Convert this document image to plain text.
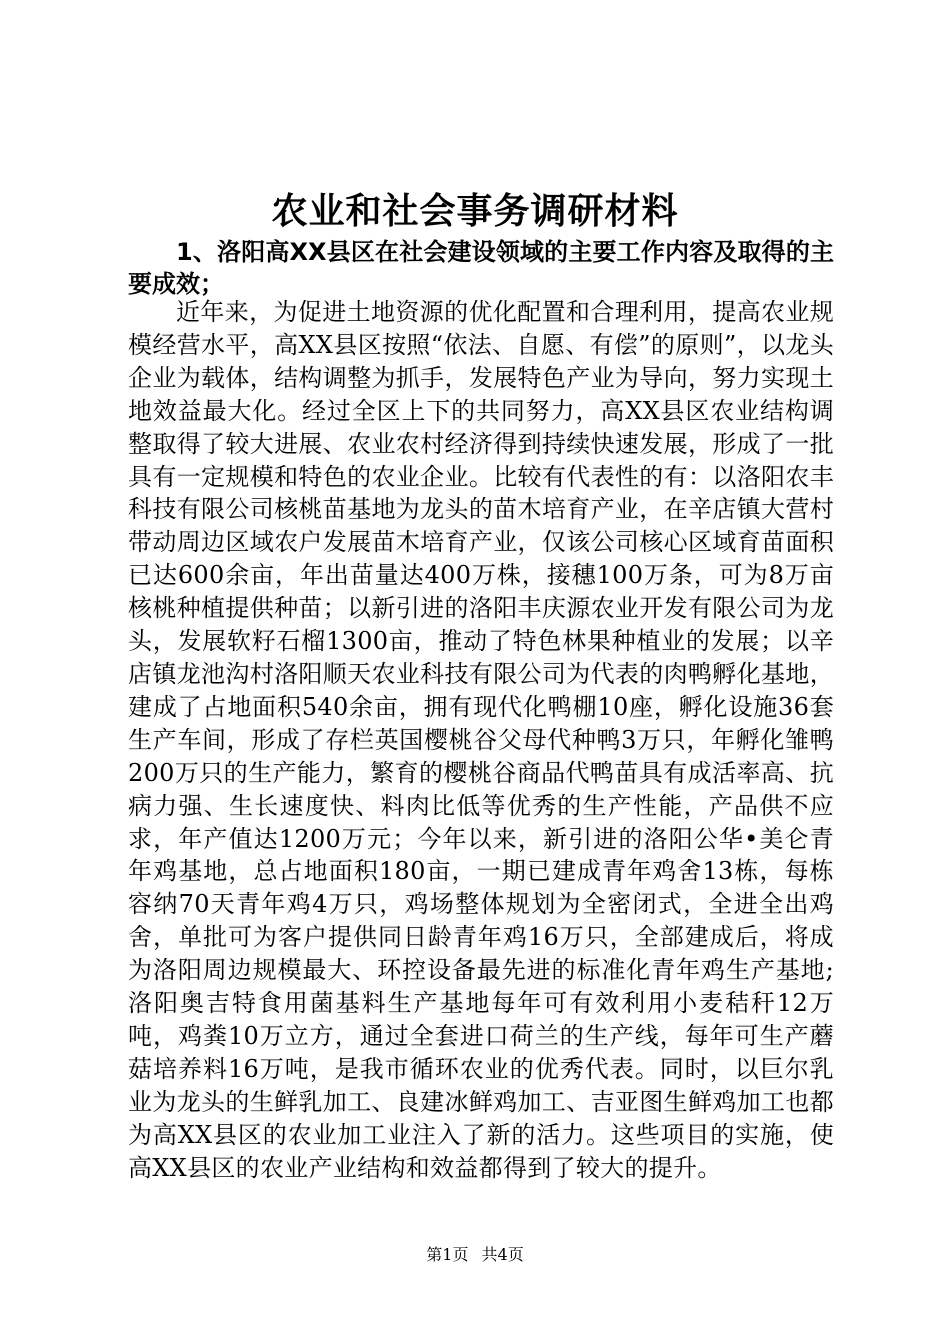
农业和社会事务调研材料

1、洛阳高XX县区在社会建设领域的主要工作内容及取得的主要成效；

近年来，为促进土地资源的优化配置和合理利用，提高农业规模经营水平，高XX县区按照“依法、自愿、有偿”的原则”，以龙头企业为载体，结构调整为抓手，发展特色产业为导向，努力实现土地效益最大化。经过全区上下的共同努力，高XX县区农业结构调整取得了较大进展、农业农村经济得到持续快速发展，形成了一批具有一定规模和特色的农业企业。比较有代表性的有：以洛阳农丰科技有限公司核桃苗基地为龙头的苗木培育产业，在辛店镇大营村带动周边区域农户发展苗木培育产业，仅该公司核心区域育苗面积已达600余亩，年出苗量达400万株，接穗100万条，可为8万亩核桃种植提供种苗；以新引进的洛阳丰庆源农业开发有限公司为龙头，发展软籽石榴1300亩，推动了特色林果种植业的发展；以辛店镇龙池沟村洛阳顺天农业科技有限公司为代表的肉鸭孵化基地，建成了占地面积540余亩，拥有现代化鸭棚10座，孵化设施36套生产车间，形成了存栏英国樱桃谷父母代种鸭3万只，年孵化雏鸭200万只的生产能力，繁育的樱桃谷商品代鸭苗具有成活率高、抗病力强、生长速度快、料肉比低等优秀的生产性能，产品供不应求，年产值达1200万元；今年以来，新引进的洛阳公华•美仑青年鸡基地，总占地面积180亩，一期已建成青年鸡舍13栋，每栋容纳70天青年鸡4万只，鸡场整体规划为全密闭式，全进全出鸡舍，单批可为客户提供同日龄青年鸡16万只，全部建成后，将成为洛阳周边规模最大、环控设备最先进的标准化青年鸡生产基地;洛阳奥吉特食用菌基料生产基地每年可有效利用小麦秸秆12万吨，鸡粪10万立方，通过全套进口荷兰的生产线，每年可生产蘑菇培养料16万吨，是我市循环农业的优秀代表。同时，以巨尔乳业为龙头的生鲜乳加工、良建冰鲜鸡加工、吉亚图生鲜鸡加工也都为高XX县区的农业加工业注入了新的活力。这些项目的实施，使高XX县区的农业产业结构和效益都得到了较大的提升。

第1页 共4页
